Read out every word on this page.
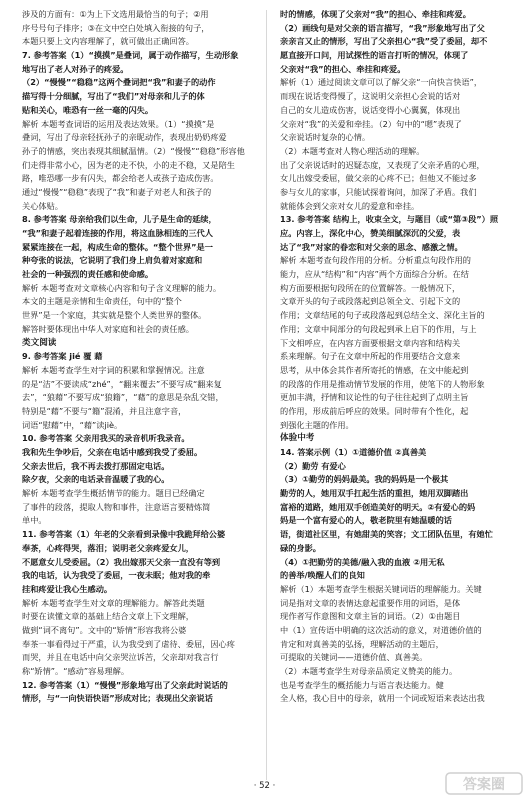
涉及的方面有：①为上下文选用最恰当的句子；②用
序号号句子排序；③在文中空白处填入衔接的句子，
本题只要上文内容理解了，就可做出正确回答。
7. 参考答案（1）“摸摸”是叠词，属于动作描写，生动形象
地写出了老人对孙子的疼爱。
（2）“慢慢”“稳稳”这两个叠词把“我”和妻子的动作
描写得十分细腻，写出了“我们”对母亲和儿子的体
贴和关心，唯恐有一丝一毫的闪失。
解析 本题考查词语的运用及表达效果。（1）“摸摸”是
叠词，写出了母亲轻抚孙子的亲昵动作，表现出奶奶疼爱
孙子的情感，突出表现其细腻温情。（2）“慢慢”“稳稳”形容他
们走得非常小心，因为老的走不快，小的走不稳，又是陪生
路，唯恐哪一步有闪失，都会给老人或孩子造成伤害。
通过“慢慢”“稳稳”表现了“我”和妻子对老人和孩子的
关心体贴。
8. 参考答案 母亲给我们以生命，儿子是生命的延续，
“我”和妻子起着连接的作用，将这血脉相连的三代人
紧紧连接在一起，构成生命的整体。“整个世界”是一
种夸张的说法，它说明了我们身上肩负着对家庭和
社会的一种强烈的责任感和使命感。
解析 本题考查对文章核心内容和句子含义理解的能力。
本文的主题是亲情和生命责任，句中的“整个
世界”是一个家庭，其实就是整个人类世界的整体。
解答时要体现出中华人对家庭和社会的责任感。
类文阅读
9. 参考答案 jié 覆 藉
解析 本题考查学生对字词的积累和掌握情况。注意
的是“洁”不要读成“zhé”，“翻来覆去”不要写成“翻来复
去”，“狼藉”不要写成“狼籍”，“藉”的意思是杂乱交错，
特别是“藉”不要与“籍”混淆，并且注意字音，
词语“慰藉”中，“藉”读jiè。
10. 参考答案 父亲用我买的录音机听我录音。
我和先生争吵后，父亲在电话中感到我受了委屈。
父亲去世后，我不再去拨打那固定电话。
除夕夜，父亲的电话录音温暖了我的心。
解析 本题考查学生概括情节的能力。题目已经确定
了事件的段落，提取人物和事件，注意语言要精炼简
单中。
11. 参考答案（1）年老的父亲看到录像中我跪拜给公婆
奉茶，心疼得哭，落泪；说明老父亲疼爱女儿，
不愿意女儿受委屈。（2）我出嫁那天父亲一直没有等到
我的电话，认为我受了委屈，一夜未眠；他对我的牵
挂和疼爱让我心生感动。
解析 本题考查学生对文章的理解能力。解答此类题
时要在读懂文章的基础上结合文章上下文理解，
做到“词不离句”。文中的“矫情”形容我将公婆
奉茶一事看得过于严重，认为我受到了虐待、委屈，因心疼
而哭，并且在电话中向父亲哭泣诉苦，父亲却对我言行
称“矫情”。“感动”容易理解。
12. 参考答案（1）“慢慢”形象地写出了父亲此时说话的
情形，与“一向快语快语”形成对比；表现出父亲说话
时的情感，体现了父亲对“我”的担心、牵挂和疼爱。
（2）画线句是对父亲的语言描写，“我”形象地写出了父
亲亲言又止的情形，写出了父亲担心“我”受了委屈，却不
愿直接开口问，用试探性的语言打听的情况，体现了
父亲对“我”的担心、牵挂和疼爱。
解析（1）通过阅读文章可以了解父亲“一向快言快语”，
而现在说话变得慢了，这说明父亲担心会说的话对
自己的女儿造成伤害，说话变得小心翼翼，体现出
父亲对“我”的关爱和牵挂。（2）句中的“嗯”表现了
父亲说话时复杂的心情。
（2）本题考查对人物心理活动的理解。
出了父亲说话时的迟疑态度，又表现了父亲矛盾的心理，
女儿出嫁受委屈，做父亲的心疼不已；但他又不能过多
参与女儿的家事，只能试探着询问，加深了矛盾。我们
就能体会到父亲对女儿的爱意和牵挂。
13. 参考答案 结构上，收束全文，与题目（或“第③段”）照
应。内容上，深化中心，赞美细腻深沉的父爱，表
达了“我”对家的眷恋和对父亲的思念、感激之情。
解析 本题考查句段作用的分析。分析重点句段作用的
能力，应从“结构”和“内容”两个方面综合分析。在结
构方面要根据句段所在的位置解答。一般情况下，
文章开头的句子或段落起到总领全文、引起下文的
作用；文章结尾的句子或段落起到总结全文、深化主旨的
作用；文章中间部分的句段起到承上启下的作用，与上
下文相呼应，在内容方面要根据文章内容和结构关
系来理解。句子在文章中所起的作用要结合文意来
思考，从中体会其作者所寄托的情感，在文中能起到
的段落的作用是推动情节发展的作用，使笔下的人物形象
更加丰满，抒情和议论性的句子往往起到了点明主旨
的作用，形成前后呼应的效果。同时带有个性化，起
到强化主题的作用。
体验中考
14. 答案示例（1）①道德价值 ②真善美
（2）勤劳 有爱心
（3）①勤劳的妈妈最美。我的妈妈是一个极其
勤劳的人，她用双手扛起生活的重担，她用双脚踏出
富裕的道路，她用双手创造美好的明天。②有爱心的妈
妈是一个富有爱心的人，敬老院里有她温暖的话
语，街道社区里，有她甜美的笑容；文工团队伍里，有她忙
碌的身影。
（4）①把勤劳的美德/融入我的血液 ②用无私
的善举/唤醒人们的良知
解析（1）本题考查学生根据关键词语的理解能力。关键
词是指对文章的表情达意起重要作用的词语，是体
现作者写作意图和文章主旨的词语。（2）①由题目
中（1）宣传语中明确的这次活动的意义，对道德价值的
肯定和对真善美的弘扬，理解活动的主题后，
可提取的关键词——道德价值、真善美。
（2）本题考查学生对母亲品质定义赞美的能力。
也是考查学生的概括能力与语言表达能力。健
全人格，我心目中的母亲，就用一个词或短语来表达出我
· 52 ·	答案圈
